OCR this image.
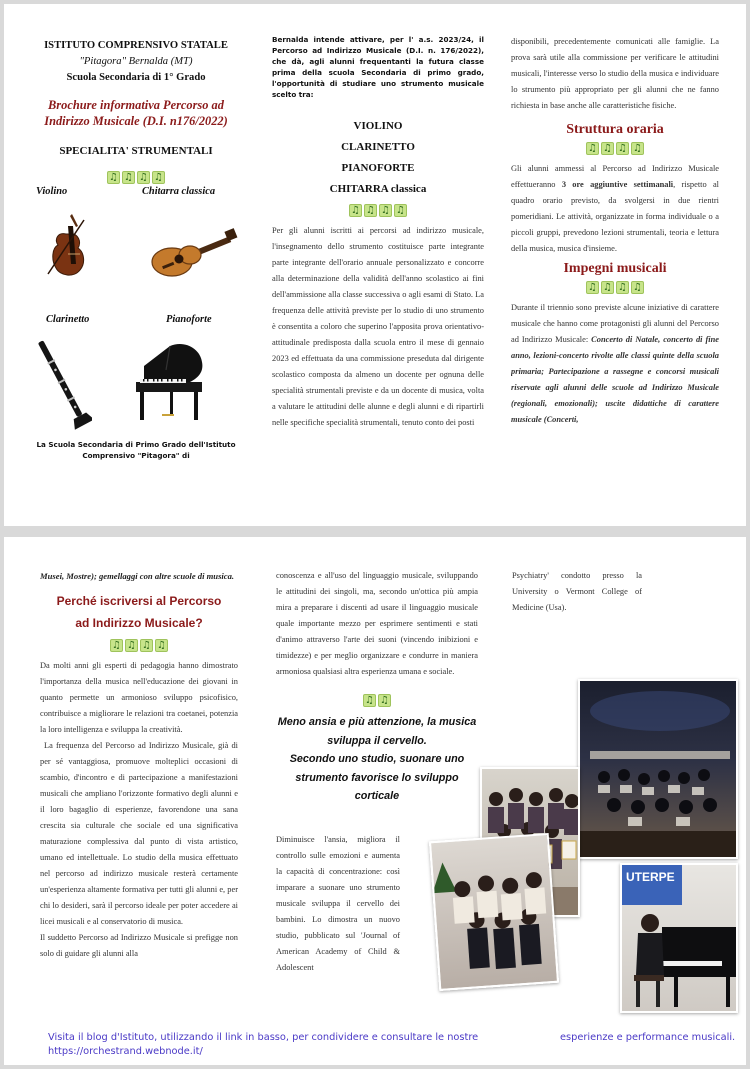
ISTITUTO COMPRENSIVO STATALE
"Pitagora" Bernalda (MT)
Scuola Secondaria di 1° Grado
Brochure informativa Percorso ad Indirizzo Musicale (D.I. n176/2022)
SPECIALITA' STRUMENTALI
♫ ♫ ♫ ♫
Violino	Chitarra classica
Clarinetto	Pianoforte
La Scuola Secondaria di Primo Grado dell'Istituto Comprensivo "Pitagora" di
Bernalda intende attivare, per l' a.s. 2023/24, il Percorso ad Indirizzo Musicale (D.I. n. 176/2022), che dà, agli alunni frequentanti la futura classe prima della scuola Secondaria di primo grado, l'opportunità di studiare uno strumento musicale scelto tra:
VIOLINO
CLARINETTO
PIANOFORTE
CHITARRA classica
♫ ♫ ♫ ♫
Per gli alunni iscritti ai percorsi ad indirizzo musicale, l'insegnamento dello strumento costituisce parte integrante parte integrante dell'orario annuale personalizzato e concorre alla determinazione della validità dell'anno scolastico ai fini dell'ammissione alla classe successiva o agli esami di Stato. La frequenza delle attività previste per lo studio di uno strumento è consentita a coloro che superino l'apposita prova orientativo-attitudinale predisposta dalla scuola entro il mese di gennaio 2023 ed effettuata da una commissione preseduta dal dirigente scolastico composta da almeno un docente per ognuna delle specialità strumentali previste e da un docente di musica, volta a valutare le attitudini delle alunne e degli alunni e di ripartirli nelle specifiche specialità strumentali, tenuto conto dei posti
disponibili, precedentemente comunicati alle famiglie. La prova sarà utile alla commissione per verificare le attitudini musicali, l'interesse verso lo studio della musica e individuare lo strumento più appropriato per gli alunni che ne fanno richiesta in base anche alle caratteristiche fisiche.
Struttura oraria
♫ ♫ ♫ ♫
Gli alunni ammessi al Percorso ad Indirizzo Musicale effettueranno 3 ore aggiuntive settimanali, rispetto al quadro orario previsto, da svolgersi in due rientri pomeridiani. Le attività, organizzate in forma individuale o a piccoli gruppi, prevedono lezioni strumentali, teoria e lettura della musica, musica d'insieme.
Impegni musicali
♫ ♫ ♫ ♫
Durante il triennio sono previste alcune iniziative di carattere musicale che hanno come protagonisti gli alunni del Percorso ad Indirizzo Musicale: Concerto di Natale, concerto di fine anno, lezioni-concerto rivolte alle classi quinte della scuola primaria; Partecipazione a rassegne e concorsi musicali riservate agli alunni delle scuole ad Indirizzo Musicale (regionali, emozionali); uscite didattiche di carattere musicale (Concerti,
Musei, Mostre); gemellaggi con altre scuole di musica.
Perché iscriversi al Percorso
ad Indirizzo Musicale?
♫ ♫ ♫ ♫
Da molti anni gli esperti di pedagogia hanno dimostrato l'importanza della musica nell'educazione dei giovani in quanto permette un armonioso sviluppo psicofisico, contribuisce a migliorare le relazioni tra coetanei, potenzia la loro intelligenza e sviluppa la creatività.
La frequenza del Percorso ad Indirizzo Musicale, già di per sé vantaggiosa, promuove molteplici occasioni di scambio, d'incontro e di partecipazione a manifestazioni musicali che ampliano l'orizzonte formativo degli alunni e il loro bagaglio di esperienze, favorendone una sana crescita sia culturale che sociale ed una significativa maturazione complessiva dal punto di vista artistico, umano ed intellettuale. Lo studio della musica effettuato nel percorso ad indirizzo musicale resterà certamente un'esperienza altamente formativa per tutti gli alunni e, per chi lo desideri, sarà il percorso ideale per poter accedere ai licei musicali e al conservatorio di musica.
Il suddetto Percorso ad Indirizzo Musicale si prefigge non solo di guidare gli alunni alla
conoscenza e all'uso del linguaggio musicale, sviluppando le attitudini dei singoli, ma, secondo un'ottica più ampia mira a preparare i discenti ad usare il linguaggio musicale quale importante mezzo per esprimere sentimenti e stati d'animo attraverso l'arte dei suoni (vincendo inibizioni e timidezze) e per meglio organizzare e condurre in maniera armoniosa qualsiasi altra esperienza umana e sociale.
♫ ♫
Meno ansia e più attenzione, la musica sviluppa il cervello.
Secondo uno studio, suonare uno strumento favorisce lo sviluppo corticale
Diminuisce l'ansia, migliora il controllo sulle emozioni e aumenta la capacità di concentrazione: così imparare a suonare uno strumento musicale sviluppa il cervello dei bambini. Lo dimostra un nuovo studio, pubblicato sul 'Journal of American Academy of Child & Adolescent
Psychiatry' condotto presso la University o Vermont College of Medicine (Usa).
UTERPE
Visita il blog d'Istituto, utilizzando il link in basso, per condividere e consultare le nostre	esperienze e performance musicali.
https://orchestrand.webnode.it/
